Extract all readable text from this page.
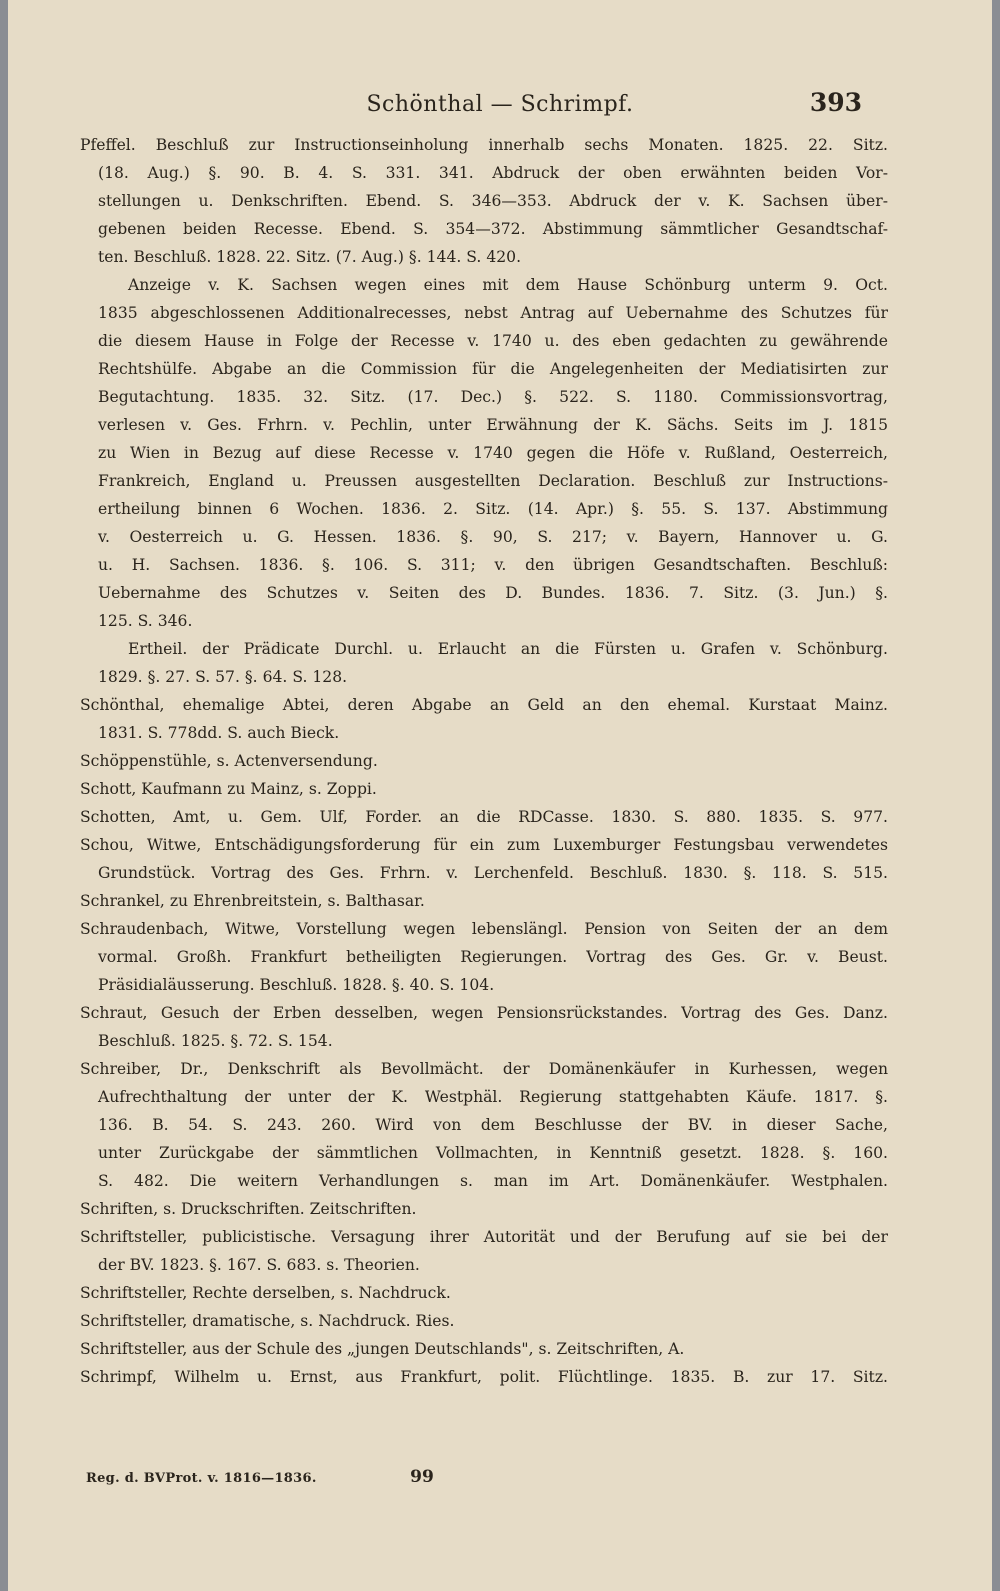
Schönthal — Schrimpf.	393
Pfeffel. Beschluß zur Instructionseinholung innerhalb sechs Monaten. 1825. 22. Sitz.
(18. Aug.) §. 90. B. 4. S. 331. 341. Abdruck der oben erwähnten beiden Vor-
stellungen u. Denkschriften. Ebend. S. 346—353. Abdruck der v. K. Sachsen über-
gebenen beiden Recesse. Ebend. S. 354—372. Abstimmung sämmtlicher Gesandtschaf-
ten. Beschluß. 1828. 22. Sitz. (7. Aug.) §. 144. S. 420.
Anzeige v. K. Sachsen wegen eines mit dem Hause Schönburg unterm 9. Oct.
1835 abgeschlossenen Additionalrecesses, nebst Antrag auf Uebernahme des Schutzes für
die diesem Hause in Folge der Recesse v. 1740 u. des eben gedachten zu gewährende
Rechtshülfe. Abgabe an die Commission für die Angelegenheiten der Mediatisirten zur
Begutachtung. 1835. 32. Sitz. (17. Dec.) §. 522. S. 1180. Commissionsvortrag,
verlesen v. Ges. Frhrn. v. Pechlin, unter Erwähnung der K. Sächs. Seits im J. 1815
zu Wien in Bezug auf diese Recesse v. 1740 gegen die Höfe v. Rußland, Oesterreich,
Frankreich, England u. Preussen ausgestellten Declaration. Beschluß zur Instructions-
ertheilung binnen 6 Wochen. 1836. 2. Sitz. (14. Apr.) §. 55. S. 137. Abstimmung
v. Oesterreich u. G. Hessen. 1836. §. 90, S. 217; v. Bayern, Hannover u. G.
u. H. Sachsen. 1836. §. 106. S. 311; v. den übrigen Gesandtschaften. Beschluß:
Uebernahme des Schutzes v. Seiten des D. Bundes. 1836. 7. Sitz. (3. Jun.) §.
125. S. 346.
Ertheil. der Prädicate Durchl. u. Erlaucht an die Fürsten u. Grafen v. Schönburg.
1829. §. 27. S. 57. §. 64. S. 128.
Schönthal, ehemalige Abtei, deren Abgabe an Geld an den ehemal. Kurstaat Mainz.
1831. S. 778dd. S. auch Bieck.
Schöppenstühle, s. Actenversendung.
Schott, Kaufmann zu Mainz, s. Zoppi.
Schotten, Amt, u. Gem. Ulf, Forder. an die RDCasse. 1830. S. 880. 1835. S. 977.
Schou, Witwe, Entschädigungsforderung für ein zum Luxemburger Festungsbau verwendetes
Grundstück. Vortrag des Ges. Frhrn. v. Lerchenfeld. Beschluß. 1830. §. 118. S. 515.
Schrankel, zu Ehrenbreitstein, s. Balthasar.
Schraudenbach, Witwe, Vorstellung wegen lebenslängl. Pension von Seiten der an dem
vormal. Großh. Frankfurt betheiligten Regierungen. Vortrag des Ges. Gr. v. Beust.
Präsidialäusserung. Beschluß. 1828. §. 40. S. 104.
Schraut, Gesuch der Erben desselben, wegen Pensionsrückstandes. Vortrag des Ges. Danz.
Beschluß. 1825. §. 72. S. 154.
Schreiber, Dr., Denkschrift als Bevollmächt. der Domänenkäufer in Kurhessen, wegen
Aufrechthaltung der unter der K. Westphäl. Regierung stattgehabten Käufe. 1817. §.
136. B. 54. S. 243. 260. Wird von dem Beschlusse der BV. in dieser Sache,
unter Zurückgabe der sämmtlichen Vollmachten, in Kenntniß gesetzt. 1828. §. 160.
S. 482. Die weitern Verhandlungen s. man im Art. Domänenkäufer. Westphalen.
Schriften, s. Druckschriften. Zeitschriften.
Schriftsteller, publicistische. Versagung ihrer Autorität und der Berufung auf sie bei der
der BV. 1823. §. 167. S. 683. s. Theorien.
Schriftsteller, Rechte derselben, s. Nachdruck.
Schriftsteller, dramatische, s. Nachdruck. Ries.
Schriftsteller, aus der Schule des „jungen Deutschlands", s. Zeitschriften, A.
Schrimpf, Wilhelm u. Ernst, aus Frankfurt, polit. Flüchtlinge. 1835. B. zur 17. Sitz.
Reg. d. BVProt. v. 1816—1836.	99
